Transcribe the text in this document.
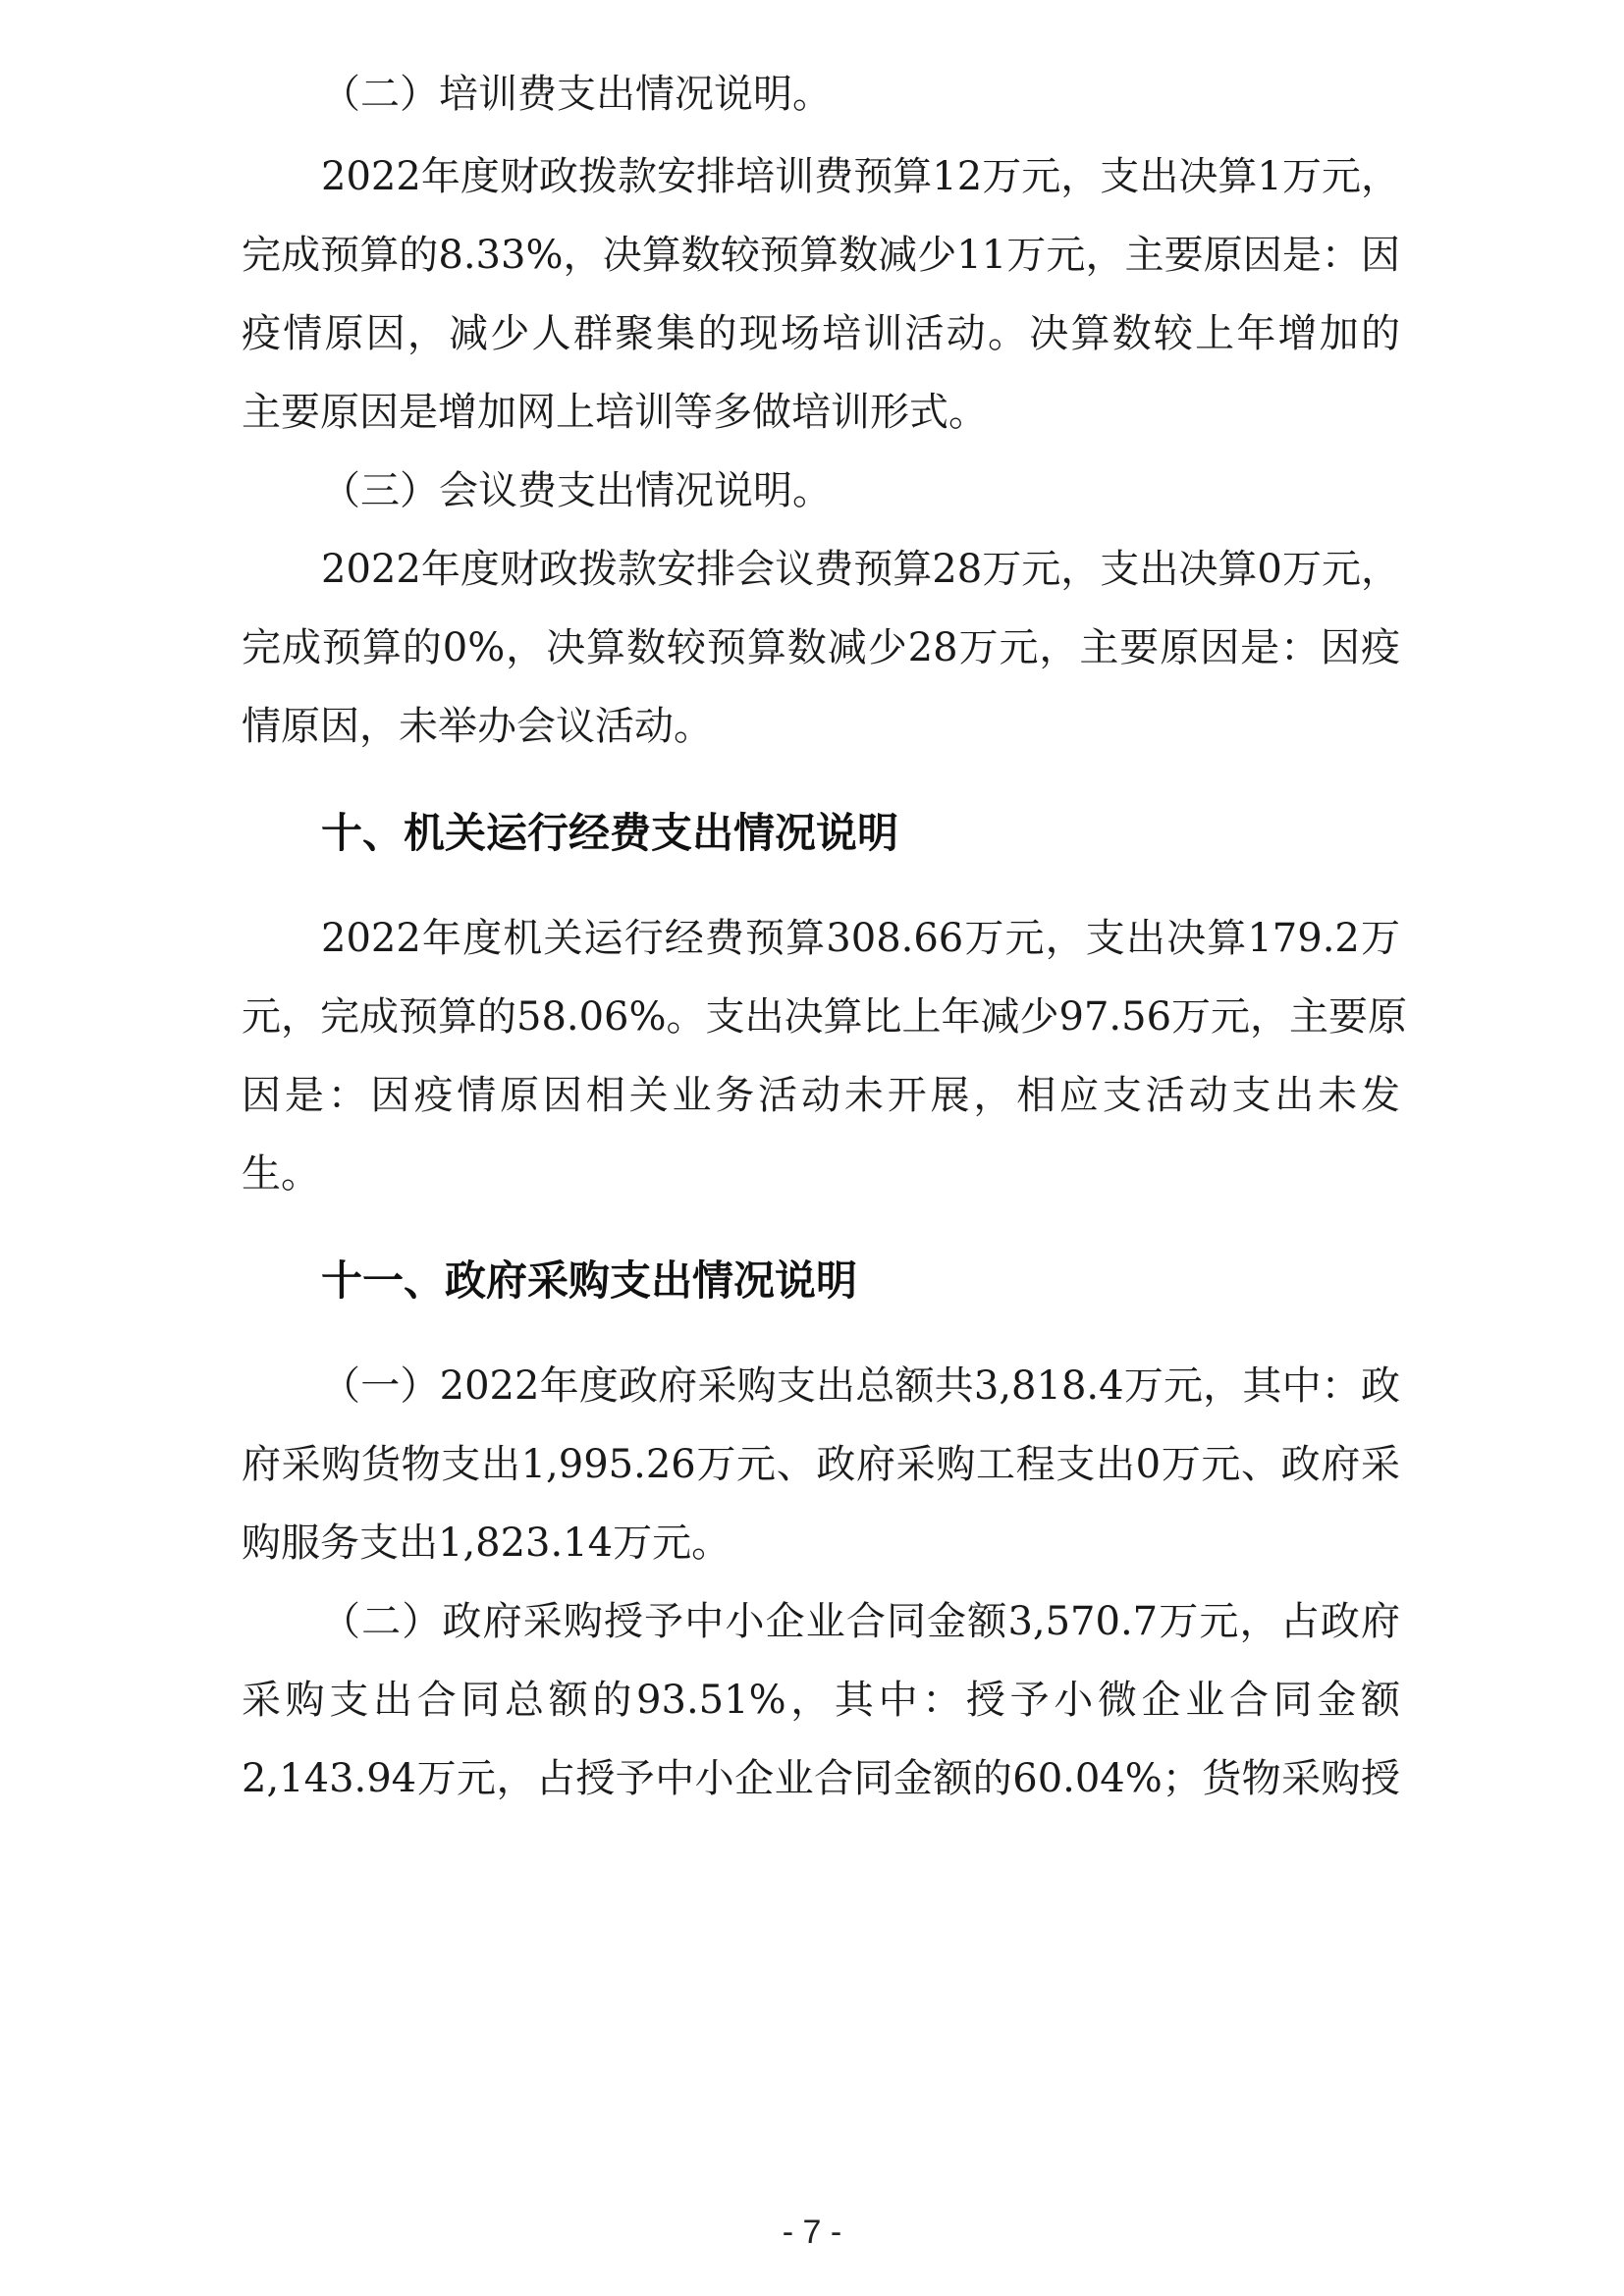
（二）培训费支出情况说明。

2022年度财政拨款安排培训费预算12万元，支出决算1万元，

完成预算的8.33%，决算数较预算数减少11万元，主要原因是：因

疫情原因，减少人群聚集的现场培训活动。决算数较上年增加的

主要原因是增加网上培训等多做培训形式。

（三）会议费支出情况说明。

2022年度财政拨款安排会议费预算28万元，支出决算0万元，

完成预算的0%，决算数较预算数减少28万元，主要原因是：因疫

情原因，未举办会议活动。

十、机关运行经费支出情况说明

2022年度机关运行经费预算308.66万元，支出决算179.2万

元，完成预算的58.06%。支出决算比上年减少97.56万元，主要原

因是：因疫情原因相关业务活动未开展，相应支活动支出未发

生。

十一、政府采购支出情况说明

（一）2022年度政府采购支出总额共3,818.4万元，其中：政

府采购货物支出1,995.26万元、政府采购工程支出0万元、政府采

购服务支出1,823.14万元。

（二）政府采购授予中小企业合同金额3,570.7万元，占政府

采购支出合同总额的93.51%，其中：授予小微企业合同金额

2,143.94万元，占授予中小企业合同金额的60.04%；货物采购授

- 7 -
